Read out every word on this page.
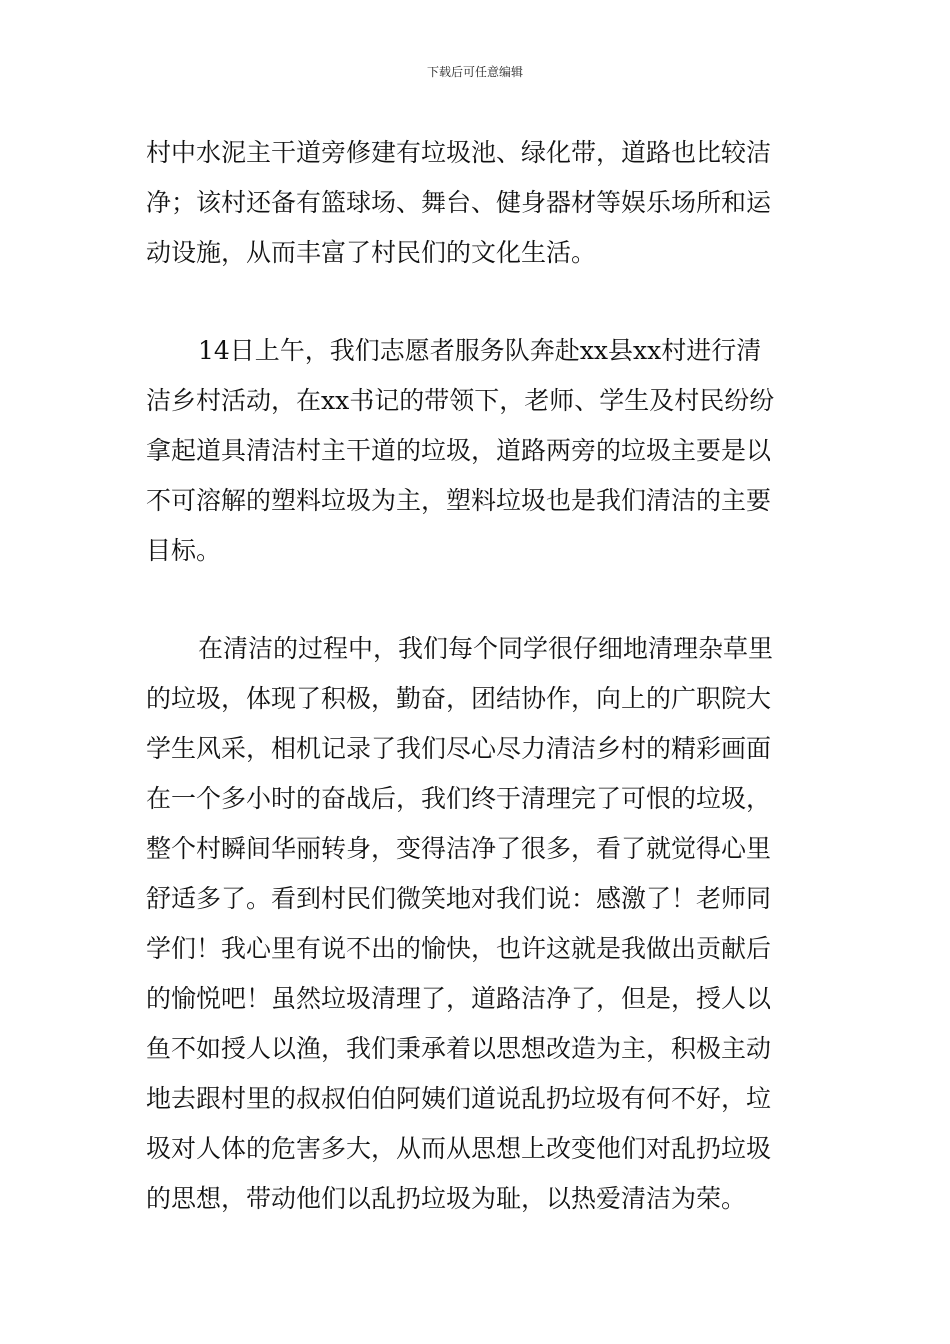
下载后可任意编辑
村中水泥主干道旁修建有垃圾池、绿化带，道路也比较洁
净；该村还备有篮球场、舞台、健身器材等娱乐场所和运
动设施，从而丰富了村民们的文化生活。
14日上午，我们志愿者服务队奔赴xx县xx村进行清
洁乡村活动，在xx书记的带领下，老师、学生及村民纷纷
拿起道具清洁村主干道的垃圾，道路两旁的垃圾主要是以
不可溶解的塑料垃圾为主，塑料垃圾也是我们清洁的主要
目标。
在清洁的过程中，我们每个同学很仔细地清理杂草里
的垃圾，体现了积极，勤奋，团结协作，向上的广职院大
学生风采，相机记录了我们尽心尽力清洁乡村的精彩画面
在一个多小时的奋战后，我们终于清理完了可恨的垃圾，
整个村瞬间华丽转身，变得洁净了很多，看了就觉得心里
舒适多了。看到村民们微笑地对我们说：感激了！老师同
学们！我心里有说不出的愉快，也许这就是我做出贡献后
的愉悦吧！虽然垃圾清理了，道路洁净了，但是，授人以
鱼不如授人以渔，我们秉承着以思想改造为主，积极主动
地去跟村里的叔叔伯伯阿姨们道说乱扔垃圾有何不好，垃
圾对人体的危害多大，从而从思想上改变他们对乱扔垃圾
的思想，带动他们以乱扔垃圾为耻，以热爱清洁为荣。
